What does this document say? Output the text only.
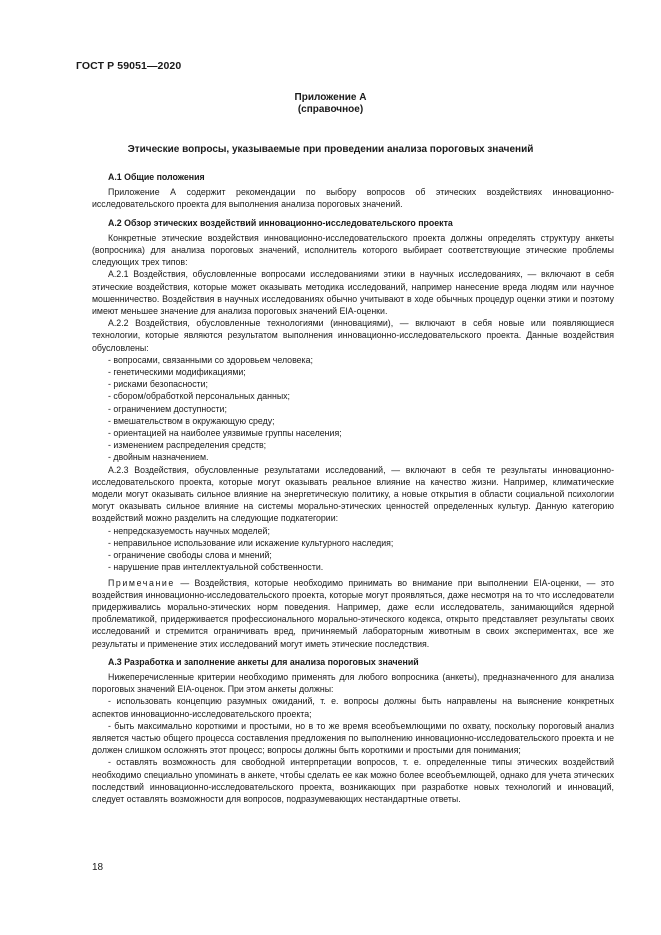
ГОСТ Р 59051—2020
Приложение А
(справочное)
Этические вопросы, указываемые при проведении анализа пороговых значений
А.1 Общие положения

Приложение А содержит рекомендации по выбору вопросов об этических воздействиях инновационно-исследовательского проекта для выполнения анализа пороговых значений.

А.2 Обзор этических воздействий инновационно-исследовательского проекта

Конкретные этические воздействия инновационно-исследовательского проекта должны определять структуру анкеты (вопросника) для анализа пороговых значений, исполнитель которого выбирает соответствующие этические проблемы следующих трех типов:

А.2.1 Воздействия, обусловленные вопросами исследованиями этики в научных исследованиях, — включают в себя этические воздействия, которые может оказывать методика исследований, например нанесение вреда людям или научное мошенничество. Воздействия в научных исследованиях обычно учитывают в ходе обычных процедур оценки этики и поэтому имеют меньшее значение для анализа пороговых значений EIA-оценки.

А.2.2 Воздействия, обусловленные технологиями (инновациями), — включают в себя новые или появляющиеся технологии, которые являются результатом выполнения инновационно-исследовательского проекта. Данные воздействия обусловлены:

- вопросами, связанными со здоровьем человека;
- генетическими модификациями;
- рисками безопасности;
- сбором/обработкой персональных данных;
- ограничением доступности;
- вмешательством в окружающую среду;
- ориентацией на наиболее уязвимые группы населения;
- изменением распределения средств;
- двойным назначением.

А.2.3 Воздействия, обусловленные результатами исследований, — включают в себя те результаты инновационно-исследовательского проекта, которые могут оказывать реальное влияние на качество жизни. Например, климатические модели могут оказывать сильное влияние на энергетическую политику, а новые открытия в области социальной психологии могут оказывать сильное влияние на системы морально-этических ценностей определенных культур. Данную категорию воздействий можно разделить на следующие подкатегории:

- непредсказуемость научных моделей;
- неправильное использование или искажение культурного наследия;
- ограничение свободы слова и мнений;
- нарушение прав интеллектуальной собственности.

Примечание — Воздействия, которые необходимо принимать во внимание при выполнении EIA-оценки, — это воздействия инновационно-исследовательского проекта, которые могут проявляться, даже несмотря на то что исследователи придерживались морально-этических норм поведения. Например, даже если исследователь, занимающийся ядерной проблематикой, придерживается профессионального морально-этического кодекса, открыто представляет результаты своих исследований и стремится ограничивать вред, причиняемый лабораторным животным в своих экспериментах, все же результаты и применение этих исследований могут иметь этические последствия.

А.3 Разработка и заполнение анкеты для анализа пороговых значений

Нижеперечисленные критерии необходимо применять для любого вопросника (анкеты), предназначенного для анализа пороговых значений EIA-оценок. При этом анкеты должны:

- использовать концепцию разумных ожиданий, т. е. вопросы должны быть направлены на выяснение конкретных аспектов инновационно-исследовательского проекта;

- быть максимально короткими и простыми, но в то же время всеобъемлющими по охвату, поскольку пороговый анализ является частью общего процесса составления предложения по выполнению инновационно-исследовательского проекта и не должен слишком осложнять этот процесс; вопросы должны быть короткими и простыми для понимания;

- оставлять возможность для свободной интерпретации вопросов, т. е. определенные типы этических воздействий необходимо специально упоминать в анкете, чтобы сделать ее как можно более всеобъемлющей, однако для учета этических последствий инновационно-исследовательского проекта, возникающих при разработке новых технологий и инноваций, следует оставлять возможности для вопросов, подразумевающих нестандартные ответы.

18
